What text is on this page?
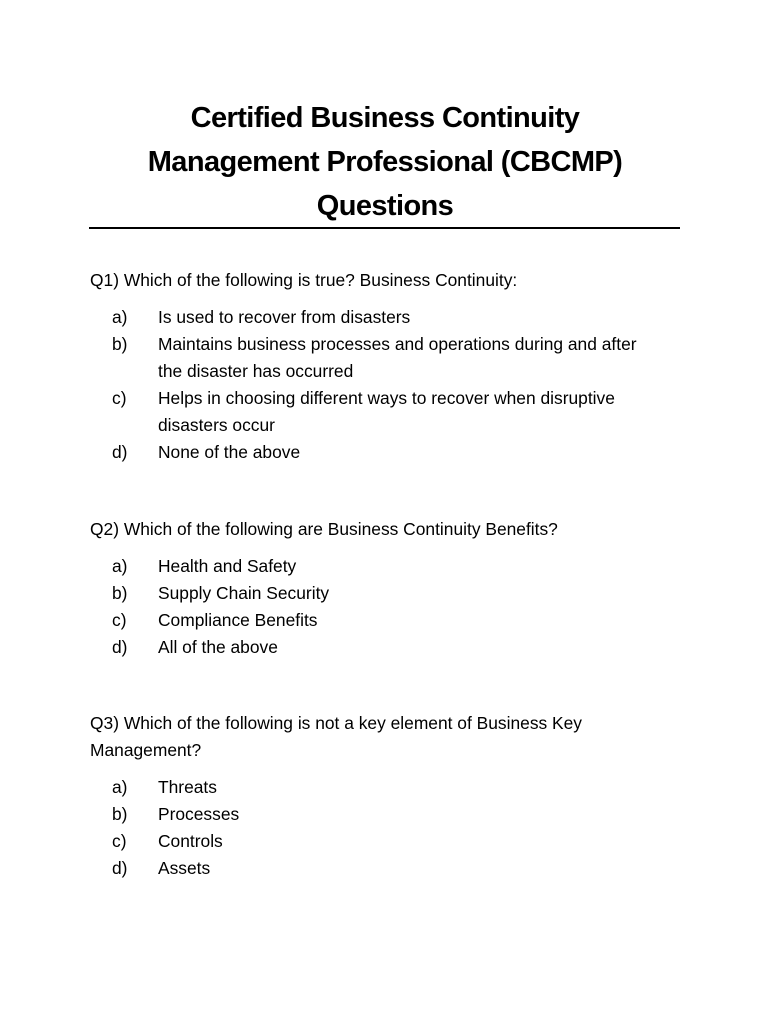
Certified Business Continuity
Management Professional (CBCMP)
Questions
Q1) Which of the following is true? Business Continuity:
a) Is used to recover from disasters
b) Maintains business processes and operations during and after
the disaster has occurred
c) Helps in choosing different ways to recover when disruptive
disasters occur
d) None of the above
Q2) Which of the following are Business Continuity Benefits?
a) Health and Safety
b) Supply Chain Security
c) Compliance Benefits
d) All of the above
Q3) Which of the following is not a key element of Business Key
Management?
a) Threats
b) Processes
c) Controls
d) Assets
